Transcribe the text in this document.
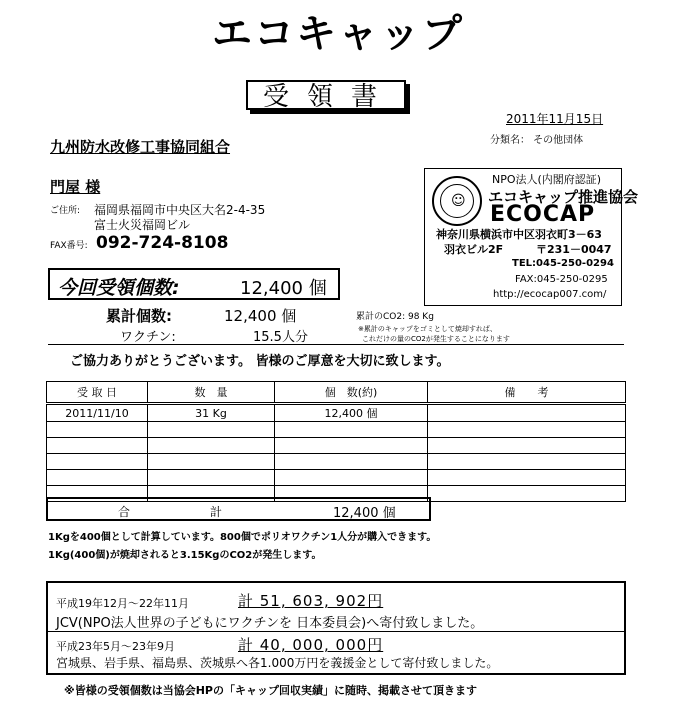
エコキャップ
受領書
2011年11月15日
分類名： その他団体
九州防水改修工事協同組合
門屋 様
ご住所: 福岡県福岡市中央区大名2-4-35
富士火災福岡ビル
FAX番号: 092-724-8108
☺
NPO法人(内閣府認証)
エコキャップ推進協会
ECOCAP
神奈川県横浜市中区羽衣町3－63
羽衣ビル2F	〒231－0047
TEL:045-250-0294
FAX:045-250-0295
http://ecocap007.com/
今回受領個数:	12,400 個
累計個数:	12,400 個	累計のCO2: 98 Kg
ワクチン:	15.5人分
※累計のキャップをゴミとして焼却すれば、
これだけの量のCO2が発生することになります
ご協力ありがとうございます。 皆様のご厚意を大切に致します。
受 取 日	数　量	個　数(約)	備　　考
2011/11/10	31 Kg	12,400 個	

合	計	12,400 個
1Kgを400個として計算しています。800個でポリオワクチン1人分が購入できます。
1Kg(400個)が焼却されると3.15KgのCO2が発生します。
平成19年12月～22年11月	計 51, 603, 902円
JCV(NPO法人世界の子どもにワクチンを 日本委員会)へ寄付致しました。
平成23年5月～23年9月	計 40, 000, 000円
宮城県、岩手県、福島県、茨城県へ各1.000万円を義援金として寄付致しました。
※皆様の受領個数は当協会HPの「キャップ回収実績」に随時、掲載させて頂きます
